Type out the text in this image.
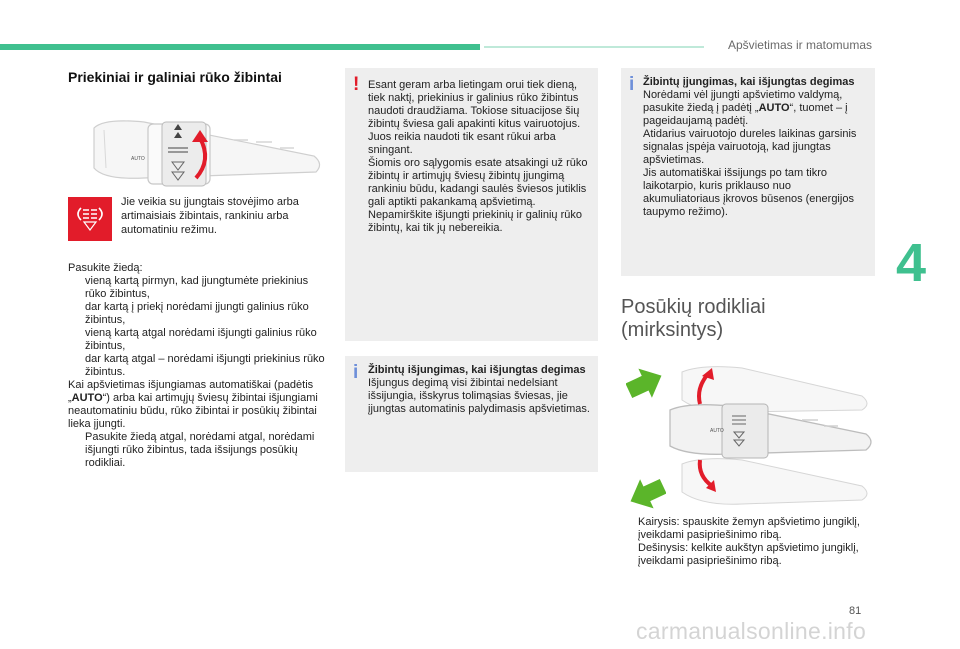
Apšvietimas ir matomumas
4
Priekiniai ir galiniai rūko žibintai
AUTO
Jie veikia su įjungtais stovėjimo arba artimaisiais žibintais, rankiniu arba automatiniu režimu.

Pasukite žiedą:

vieną kartą pirmyn, kad įjungtumėte priekinius rūko žibintus,
dar kartą į priekį norėdami įjungti galinius rūko žibintus,
vieną kartą atgal norėdami išjungti galinius rūko žibintus,
dar kartą atgal – norėdami išjungti priekinius rūko žibintus.

Kai apšvietimas išjungiamas automatiškai (padėtis „AUTO“) arba kai artimųjų šviesų žibintai išjungiami neautomatiniu būdu, rūko žibintai ir posūkių žibintai lieka įjungti.

Pasukite žiedą atgal, norėdami atgal, norėdami išjungti rūko žibintus, tada išsijungs posūkių rodikliai.
! Esant geram arba lietingam orui tiek dieną, tiek naktį, priekinius ir galinius rūko žibintus naudoti draudžiama. Tokiose situacijose šių žibintų šviesa gali apakinti kitus vairuotojus. Juos reikia naudoti tik esant rūkui arba sningant.

Šiomis oro sąlygomis esate atsakingi už rūko žibintų ir artimųjų šviesų žibintų įjungimą rankiniu būdu, kadangi saulės šviesos jutiklis gali aptikti pakankamą apšvietimą.

Nepamirškite išjungti priekinių ir galinių rūko žibintų, kai tik jų nebereikia.

i Žibintų išjungimas, kai išjungtas degimas

Išjungus degimą visi žibintai nedelsiant išsijungia, išskyrus tolimąsias šviesas, jie įjungtas automatinis palydimasis apšvietimas.

i Žibintų įjungimas, kai išjungtas degimas

Norėdami vėl įjungti apšvietimo valdymą, pasukite žiedą į padėtį „AUTO“, tuomet – į pageidaujamą padėtį.

Atidarius vairuotojo dureles laikinas garsinis signalas įspėja vairuotoją, kad įjungtas apšvietimas.

Jis automatiškai išsijungs po tam tikro laikotarpio, kuris priklauso nuo akumuliatoriaus įkrovos būsenos (energijos taupymo režimo).

Posūkių rodikliai
(mirksintys)
AUTO
Kairysis: spauskite žemyn apšvietimo jungiklį, įveikdami pasipriešinimo ribą.
Dešinysis: kelkite aukštyn apšvietimo jungiklį, įveikdami pasipriešinimo ribą.
81
carmanualsonline.info
